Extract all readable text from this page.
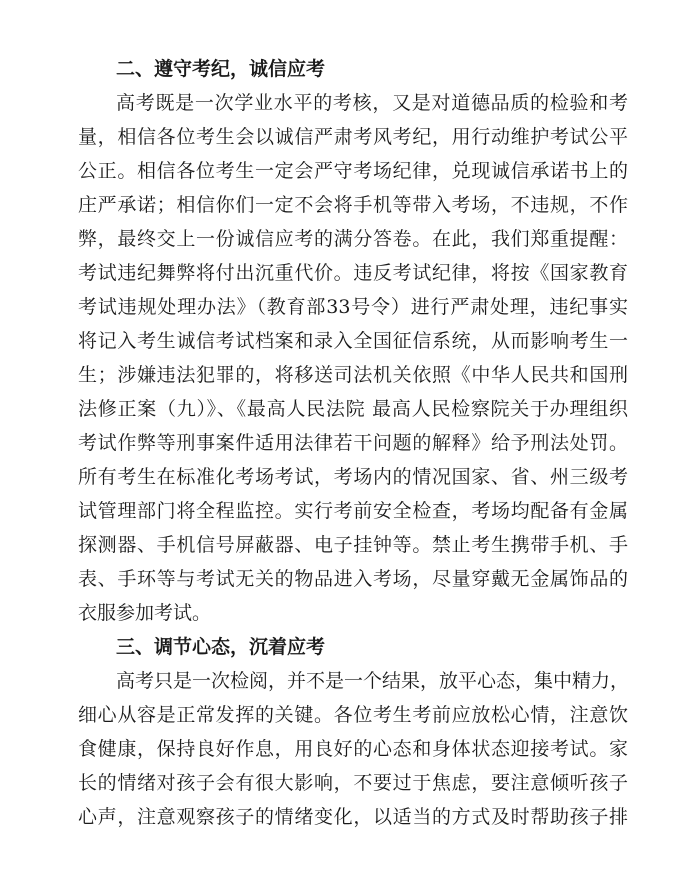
二、遵守考纪，诚信应考
高考既是一次学业水平的考核，又是对道德品质的检验和考
量，相信各位考生会以诚信严肃考风考纪，用行动维护考试公平
公正。相信各位考生一定会严守考场纪律，兑现诚信承诺书上的
庄严承诺；相信你们一定不会将手机等带入考场，不违规，不作
弊，最终交上一份诚信应考的满分答卷。在此，我们郑重提醒：
考试违纪舞弊将付出沉重代价。违反考试纪律，将按《国家教育
考试违规处理办法》（教育部33号令）进行严肃处理，违纪事实
将记入考生诚信考试档案和录入全国征信系统，从而影响考生一
生；涉嫌违法犯罪的，将移送司法机关依照《中华人民共和国刑
法修正案（九）》、《最高人民法院 最高人民检察院关于办理组织
考试作弊等刑事案件适用法律若干问题的解释》给予刑法处罚。
所有考生在标准化考场考试，考场内的情况国家、省、州三级考
试管理部门将全程监控。实行考前安全检查，考场均配备有金属
探测器、手机信号屏蔽器、电子挂钟等。禁止考生携带手机、手
表、手环等与考试无关的物品进入考场，尽量穿戴无金属饰品的
衣服参加考试。
三、调节心态，沉着应考
高考只是一次检阅，并不是一个结果，放平心态，集中精力，
细心从容是正常发挥的关键。各位考生考前应放松心情，注意饮
食健康，保持良好作息，用良好的心态和身体状态迎接考试。家
长的情绪对孩子会有很大影响，不要过于焦虑，要注意倾听孩子
心声，注意观察孩子的情绪变化，以适当的方式及时帮助孩子排
